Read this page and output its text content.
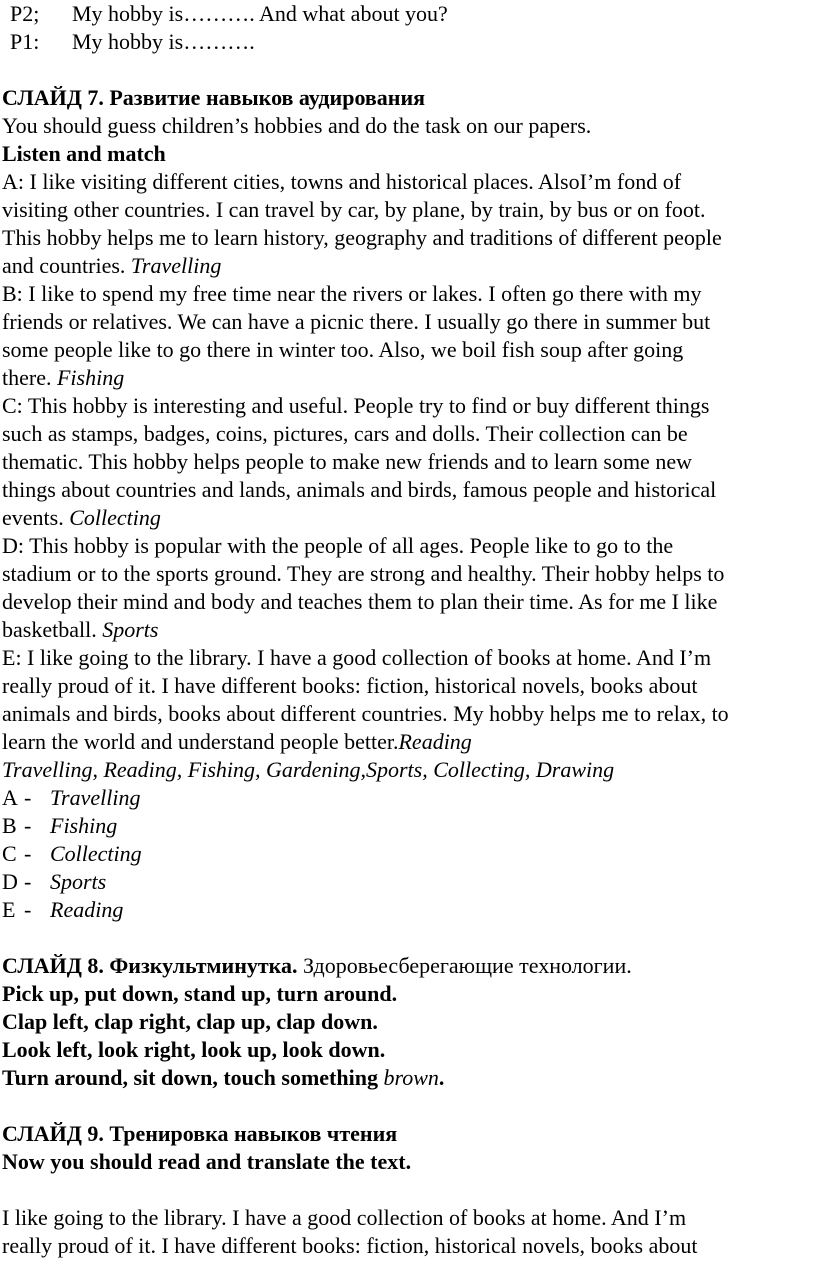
P2; My hobby is………. And what about you?
P1: My hobby is……….
СЛАЙД 7. Развитие навыков аудирования
You should guess children’s hobbies and do the task on our papers.
Listen and match
A: I like visiting different cities, towns and historical places. AlsoI’m fond of
visiting other countries. I can travel by car, by plane, by train, by bus or on foot.
This hobby helps me to learn history, geography and traditions of different people
and countries. Travelling
B: I like to spend my free time near the rivers or lakes. I often go there with my
friends or relatives. We can have a picnic there. I usually go there in summer but
some people like to go there in winter too. Also, we boil fish soup after going
there. Fishing
C: This hobby is interesting and useful. People try to find or buy different things
such as stamps, badges, coins, pictures, cars and dolls. Their collection can be
thematic. This hobby helps people to make new friends and to learn some new
things about countries and lands, animals and birds, famous people and historical
events. Collecting
D: This hobby is popular with the people of all ages. People like to go to the
stadium or to the sports ground. They are strong and healthy. Their hobby helps to
develop their mind and body and teaches them to plan their time. As for me I like
basketball. Sports
E: I like going to the library. I have a good collection of books at home. And I’m
really proud of it. I have different books: fiction, historical novels, books about
animals and birds, books about different countries. My hobby helps me to relax, to
learn the world and understand people better.Reading
Travelling, Reading, Fishing, Gardening,Sports, Collecting, Drawing
A - Travelling
B - Fishing
C - Collecting
D - Sports
E - Reading
СЛАЙД 8. Физкультминутка. Здоровьесберегающие технологии.
Pick up, put down, stand up, turn around.
Clap left, clap right, clap up, clap down.
Look left, look right, look up, look down.
Turn around, sit down, touch something brown.
СЛАЙД 9. Тренировка навыков чтения
Now you should read and translate the text.
I like going to the library. I have a good collection of books at home. And I’m
really proud of it. I have different books: fiction, historical novels, books about
